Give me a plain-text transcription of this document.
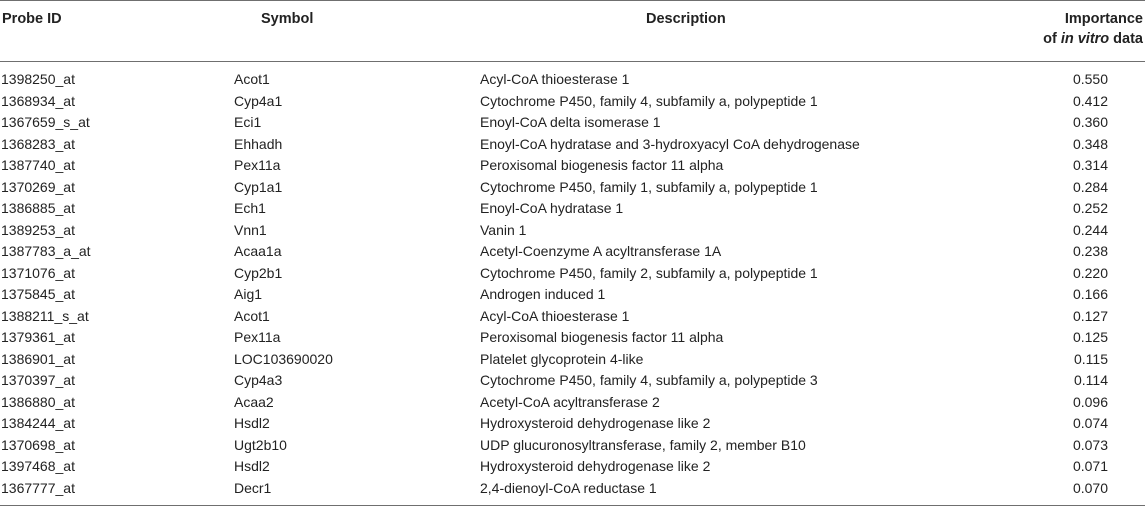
Probe ID	Symbol	Description	Importance
of in vitro data
1398250_at	Acot1	Acyl-CoA thioesterase 1	0.550
1368934_at	Cyp4a1	Cytochrome P450, family 4, subfamily a, polypeptide 1	0.412
1367659_s_at	Eci1	Enoyl-CoA delta isomerase 1	0.360
1368283_at	Ehhadh	Enoyl-CoA hydratase and 3-hydroxyacyl CoA dehydrogenase	0.348
1387740_at	Pex11a	Peroxisomal biogenesis factor 11 alpha	0.314
1370269_at	Cyp1a1	Cytochrome P450, family 1, subfamily a, polypeptide 1	0.284
1386885_at	Ech1	Enoyl-CoA hydratase 1	0.252
1389253_at	Vnn1	Vanin 1	0.244
1387783_a_at	Acaa1a	Acetyl-Coenzyme A acyltransferase 1A	0.238
1371076_at	Cyp2b1	Cytochrome P450, family 2, subfamily a, polypeptide 1	0.220
1375845_at	Aig1	Androgen induced 1	0.166
1388211_s_at	Acot1	Acyl-CoA thioesterase 1	0.127
1379361_at	Pex11a	Peroxisomal biogenesis factor 11 alpha	0.125
1386901_at	LOC103690020	Platelet glycoprotein 4-like	0.115
1370397_at	Cyp4a3	Cytochrome P450, family 4, subfamily a, polypeptide 3	0.114
1386880_at	Acaa2	Acetyl-CoA acyltransferase 2	0.096
1384244_at	Hsdl2	Hydroxysteroid dehydrogenase like 2	0.074
1370698_at	Ugt2b10	UDP glucuronosyltransferase, family 2, member B10	0.073
1397468_at	Hsdl2	Hydroxysteroid dehydrogenase like 2	0.071
1367777_at	Decr1	2,4-dienoyl-CoA reductase 1	0.070
